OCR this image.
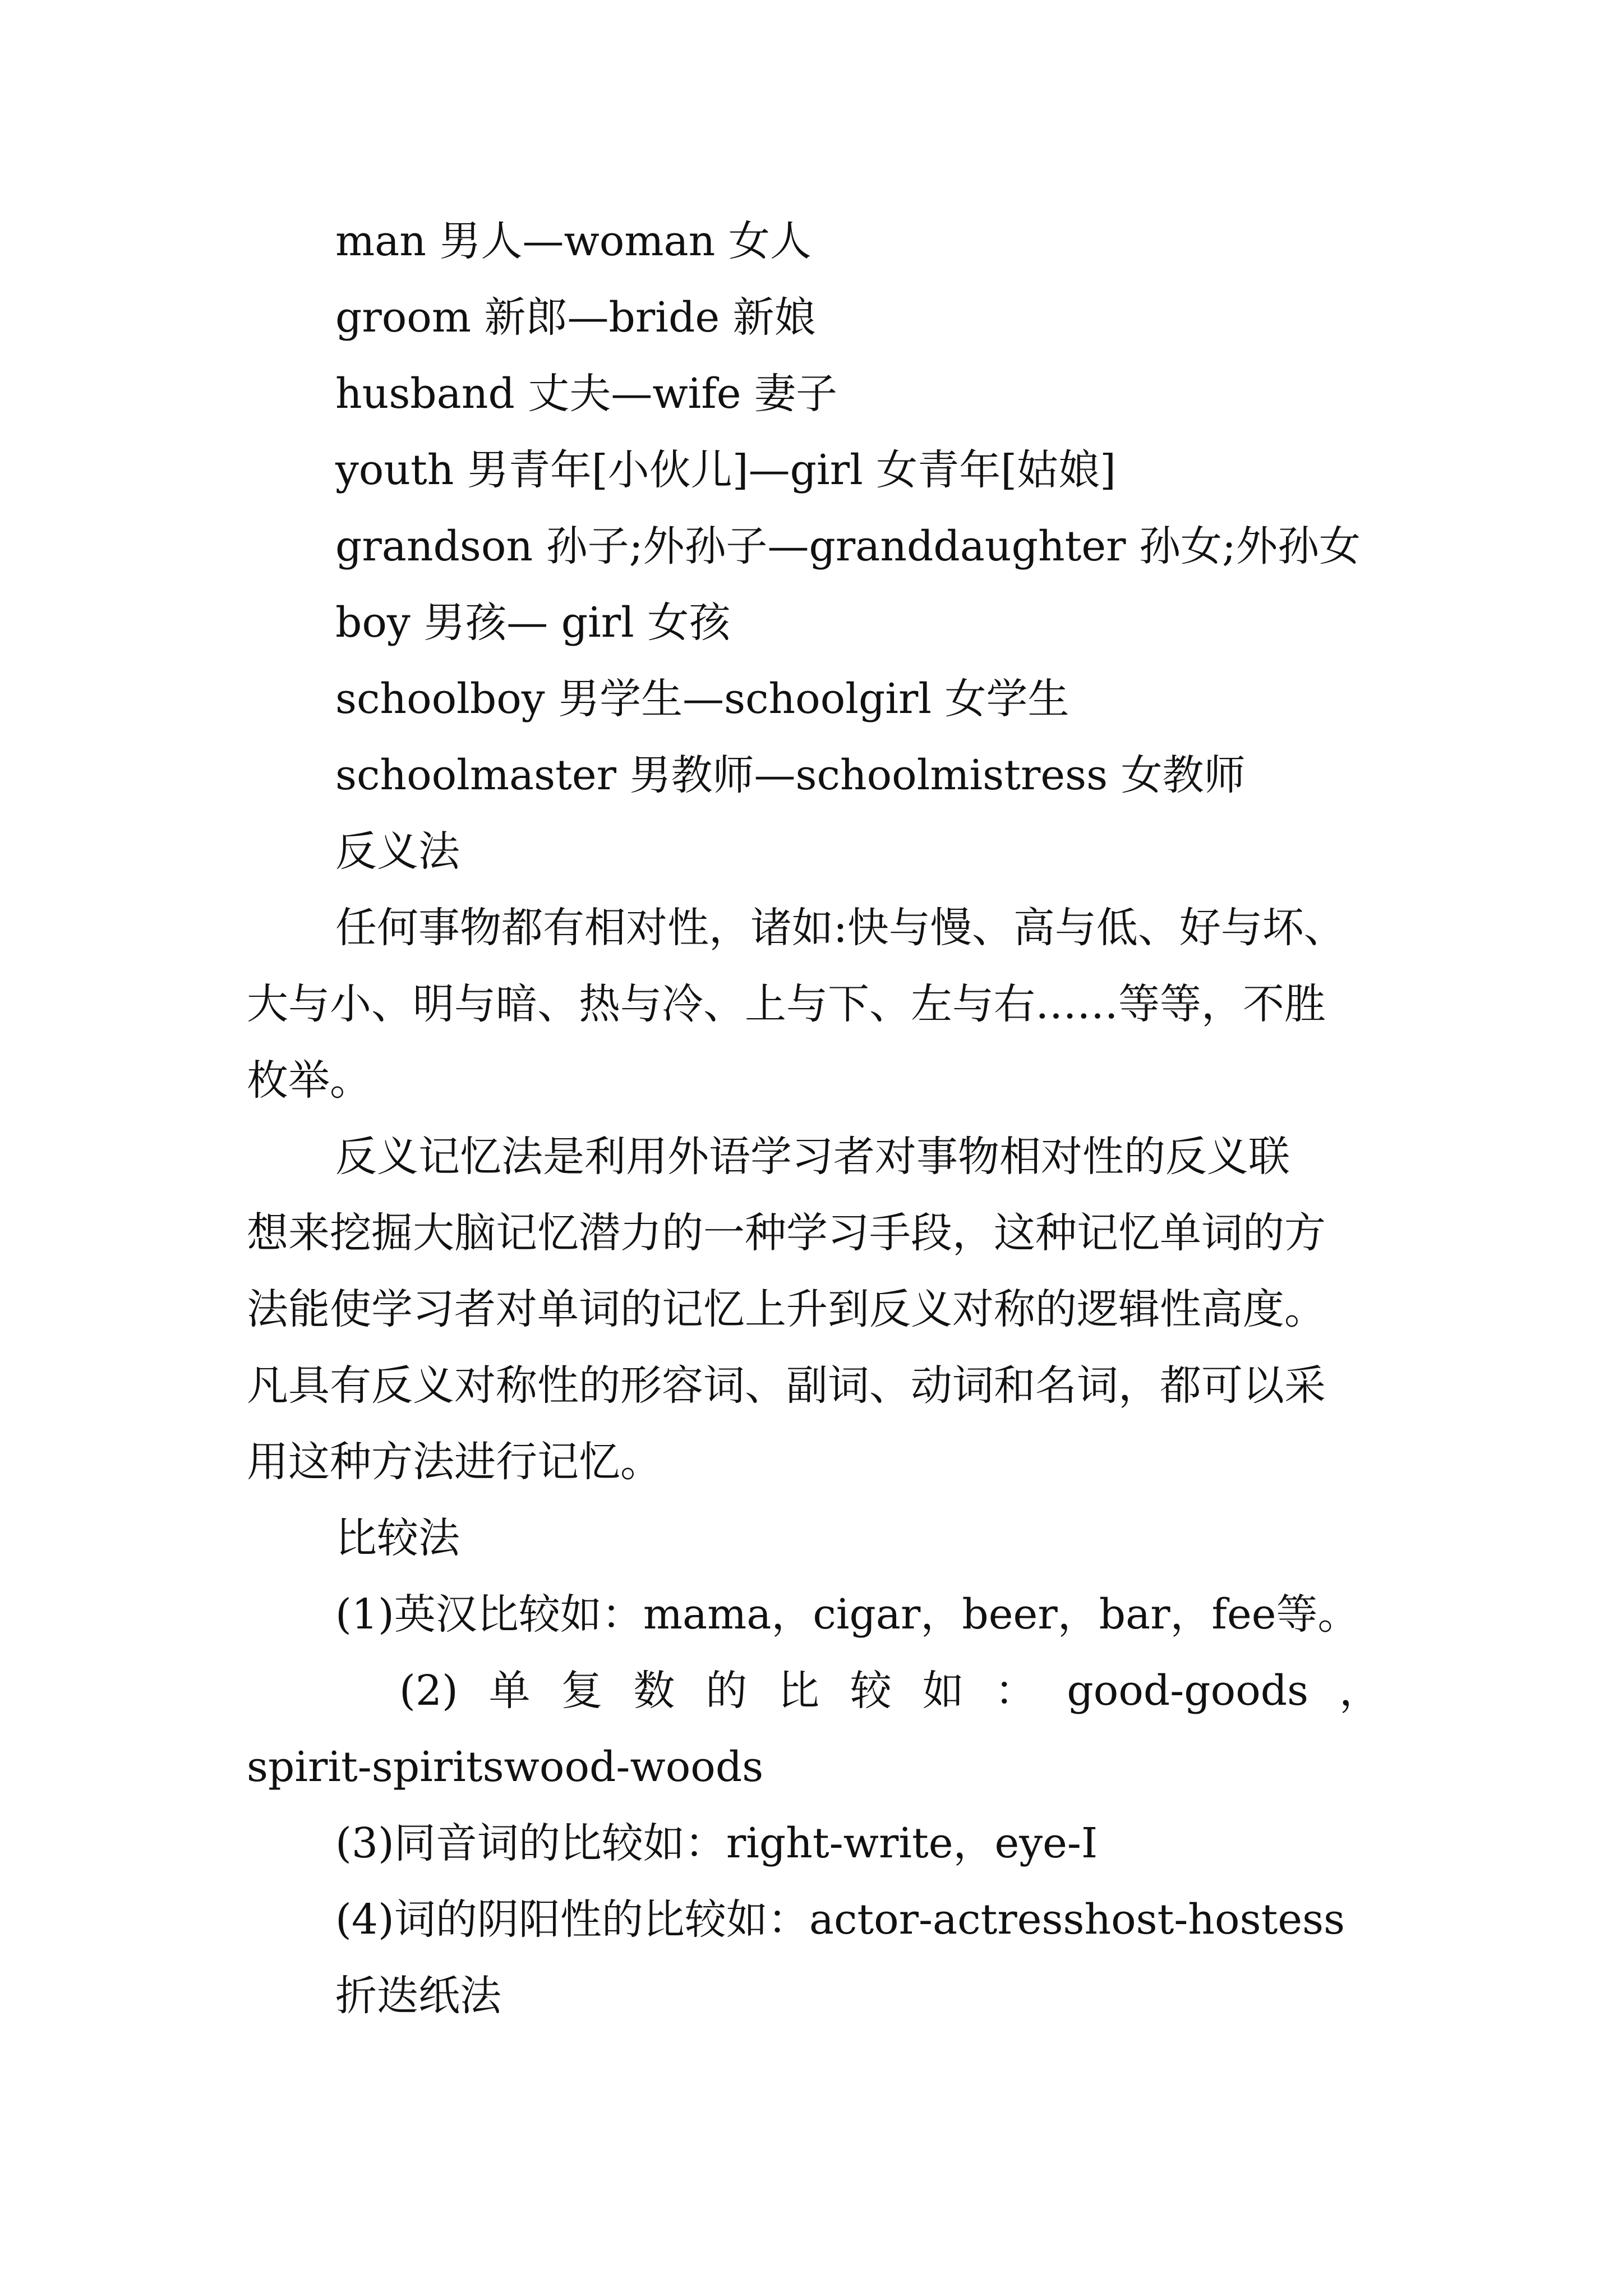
man 男人—woman 女人

groom 新郎—bride 新娘

husband 丈夫—wife 妻子

youth 男青年[小伙儿]—girl 女青年[姑娘]

grandson 孙子;外孙子—granddaughter 孙女;外孙女

boy 男孩— girl 女孩

schoolboy 男学生—schoolgirl 女学生

schoolmaster 男教师—schoolmistress 女教师

反义法

任何事物都有相对性，诸如:快与慢、高与低、好与坏、

大与小、明与暗、热与冷、上与下、左与右……等等，不胜

枚举。

反义记忆法是利用外语学习者对事物相对性的反义联

想来挖掘大脑记忆潜力的一种学习手段，这种记忆单词的方

法能使学习者对单词的记忆上升到反义对称的逻辑性高度。

凡具有反义对称性的形容词、副词、动词和名词，都可以采

用这种方法进行记忆。

比较法

(1)英汉比较如：mama，cigar，beer，bar，fee等。

(2) 单 复 数 的 比 较 如 ： good-goods ，

spirit-spiritswood-woods

(3)同音词的比较如：right-write，eye-I

(4)词的阴阳性的比较如：actor-actresshost-hostess

折迭纸法
